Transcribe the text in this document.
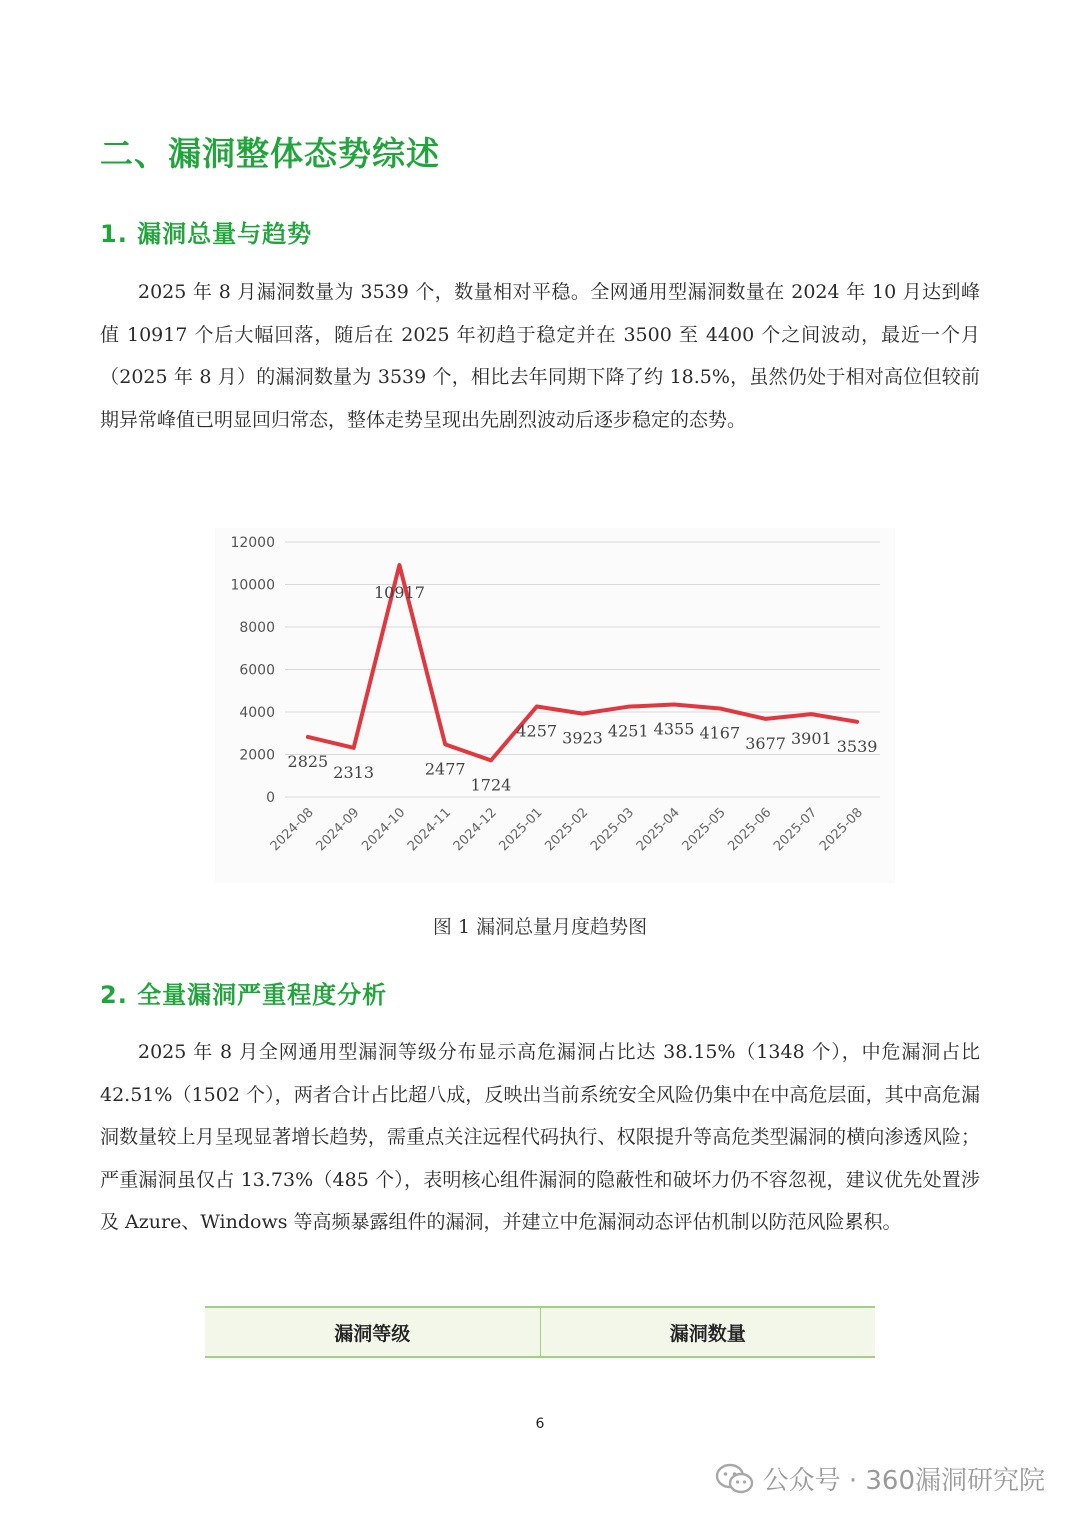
二、漏洞整体态势综述
1. 漏洞总量与趋势

2025 年 8 月漏洞数量为 3539 个，数量相对平稳。全网通用型漏洞数量在 2024 年 10 月达到峰值 10917 个后大幅回落，随后在 2025 年初趋于稳定并在 3500 至 4400 个之间波动，最近一个月（2025 年 8 月）的漏洞数量为 3539 个，相比去年同期下降了约 18.5%，虽然仍处于相对高位但较前期异常峰值已明显回归常态，整体走势呈现出先剧烈波动后逐步稳定的态势。

0
2000
4000
6000
8000
10000
12000
2024-08
2024-09
2024-10
2024-11
2024-12
2025-01
2025-02
2025-03
2025-04
2025-05
2025-06
2025-07
2025-08
2825
2313
10917
2477
1724
4257 3923 4251 4355 4167
3677 3901 3539

图 1 漏洞总量月度趋势图

2. 全量漏洞严重程度分析

2025 年 8 月全网通用型漏洞等级分布显示高危漏洞占比达 38.15%（1348 个），中危漏洞占比 42.51%（1502 个），两者合计占比超八成，反映出当前系统安全风险仍集中在中高危层面，其中高危漏洞数量较上月呈现显著增长趋势，需重点关注远程代码执行、权限提升等高危类型漏洞的横向渗透风险；严重漏洞虽仅占 13.73%（485 个），表明核心组件漏洞的隐蔽性和破坏力仍不容忽视，建议优先处置涉及 Azure、Windows 等高频暴露组件的漏洞，并建立中危漏洞动态评估机制以防范风险累积。

漏洞等级	漏洞数量
6
公众号 · 360漏洞研究院
